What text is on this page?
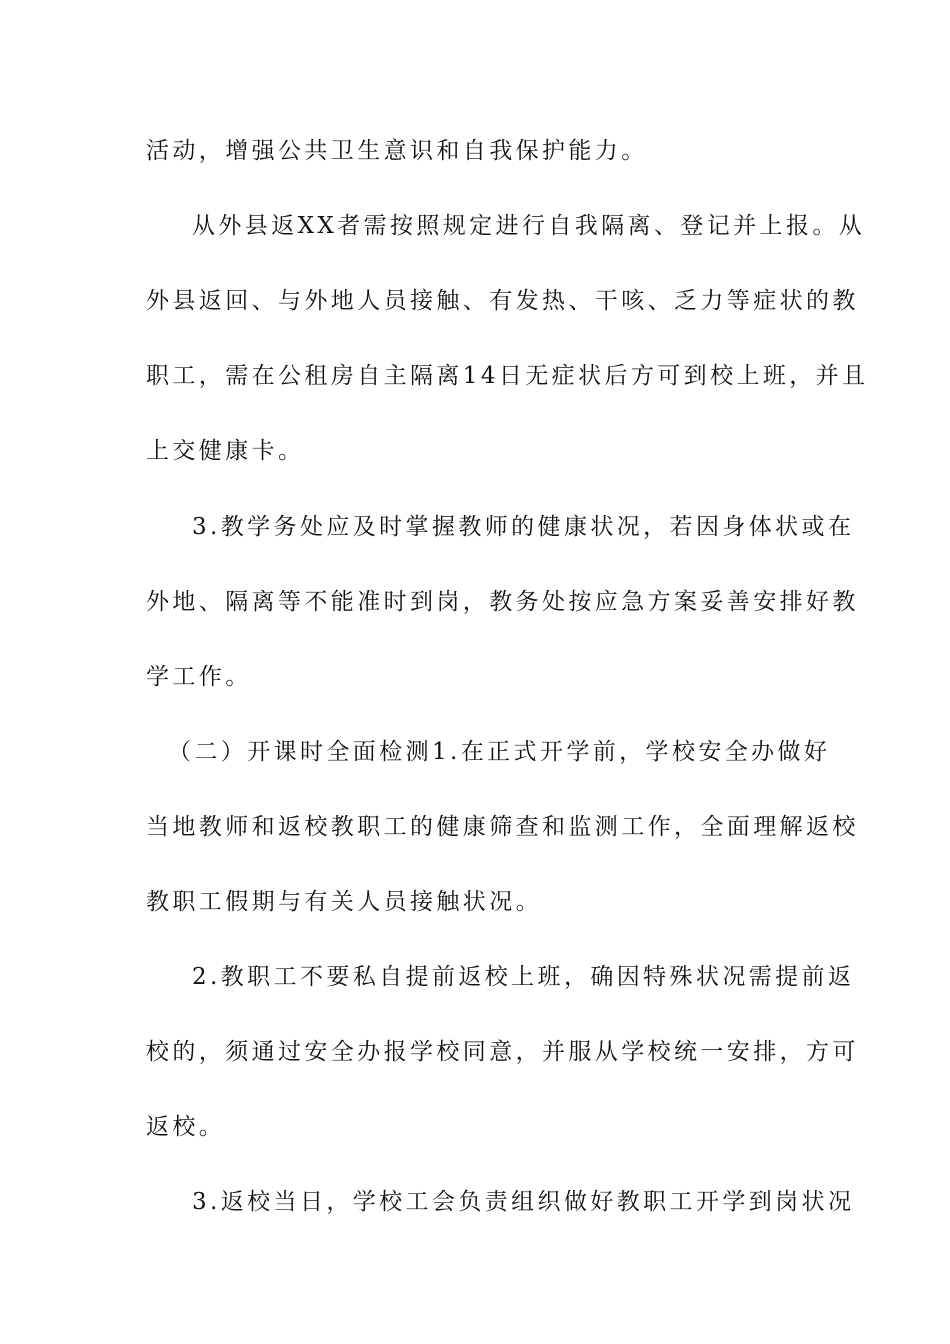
活动，增强公共卫生意识和自我保护能力。
从外县返XX者需按照规定进行自我隔离、登记并上报。从
外县返回、与外地人员接触、有发热、干咳、乏力等症状的教
职工，需在公租房自主隔离14日无症状后方可到校上班，并且
上交健康卡。
3.教学务处应及时掌握教师的健康状况，若因身体状或在
外地、隔离等不能准时到岗，教务处按应急方案妥善安排好教
学工作。
（二）开课时全面检测1.在正式开学前，学校安全办做好
当地教师和返校教职工的健康筛查和监测工作，全面理解返校
教职工假期与有关人员接触状况。
2.教职工不要私自提前返校上班，确因特殊状况需提前返
校的，须通过安全办报学校同意，并服从学校统一安排，方可
返校。
3.返校当日，学校工会负责组织做好教职工开学到岗状况
